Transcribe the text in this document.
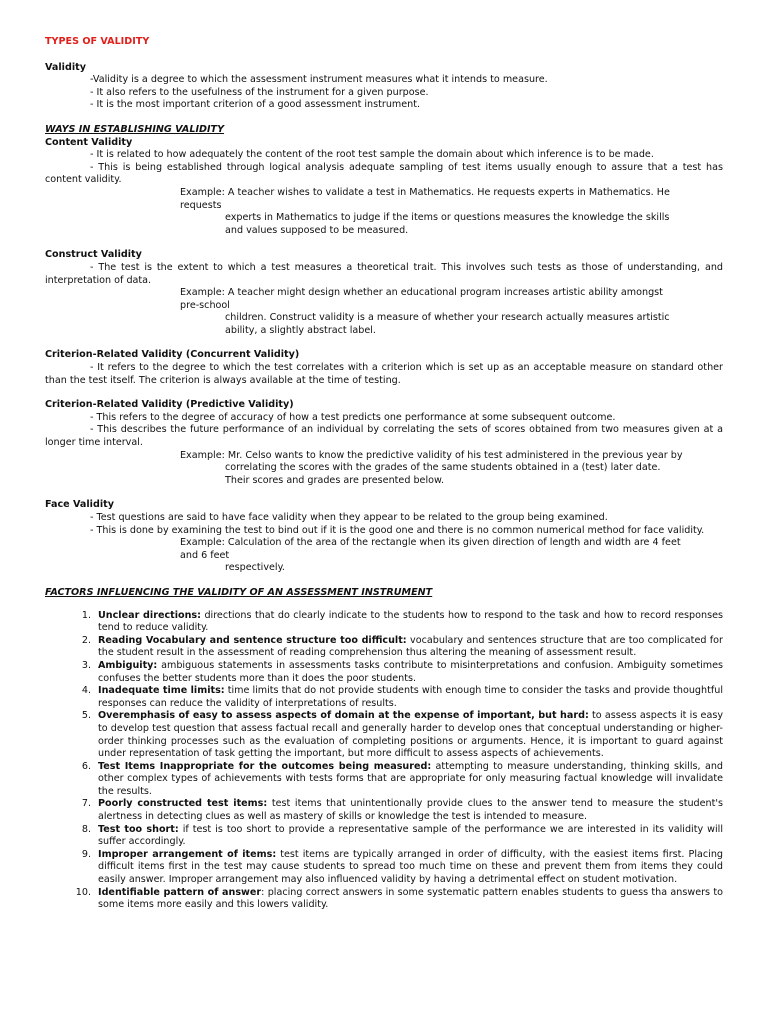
TYPES OF VALIDITY

Validity

-Validity is a degree to which the assessment instrument measures what it intends to measure.

- It also refers to the usefulness of the instrument for a given purpose.

- It is the most important criterion of a good assessment instrument.

WAYS IN ESTABLISHING VALIDITY

Content Validity

- It is related to how adequately the content of the root test sample the domain about which inference is to be made.

- This is being established through logical analysis adequate sampling of test items usually enough to assure that a test has content validity.

Example: A teacher wishes to validate a test in Mathematics. He requests experts in Mathematics. He requests
experts in Mathematics to judge if the items or questions measures the knowledge the skills and values supposed to be measured.

Construct Validity

- The test is the extent to which a test measures a theoretical trait. This involves such tests as those of understanding, and interpretation of data.

Example: A teacher might design whether an educational program increases artistic ability amongst pre-school
children. Construct validity is a measure of whether your research actually measures artistic ability, a slightly abstract label.

Criterion-Related Validity (Concurrent Validity)

- It refers to the degree to which the test correlates with a criterion which is set up as an acceptable measure on standard other than the test itself. The criterion is always available at the time of testing.

Criterion-Related Validity (Predictive Validity)

- This refers to the degree of accuracy of how a test predicts one performance at some subsequent outcome.

- This describes the future performance of an individual by correlating the sets of scores obtained from two measures given at a longer time interval.

Example: Mr. Celso wants to know the predictive validity of his test administered in the previous year by
correlating the scores with the grades of the same students obtained in a (test) later date. Their scores and grades are presented below.

Face Validity

- Test questions are said to have face validity when they appear to be related to the group being examined.

- This is done by examining the test to bind out if it is the good one and there is no common numerical method for face validity.

Example: Calculation of the area of the rectangle when its given direction of length and width are 4 feet and 6 feet
respectively.

FACTORS INFLUENCING THE VALIDITY OF AN ASSESSMENT INSTRUMENT

1. Unclear directions: directions that do clearly indicate to the students how to respond to the task and how to record responses tend to reduce validity.
2. Reading Vocabulary and sentence structure too difficult: vocabulary and sentences structure that are too complicated for the student result in the assessment of reading comprehension thus altering the meaning of assessment result.
3. Ambiguity: ambiguous statements in assessments tasks contribute to misinterpretations and confusion. Ambiguity sometimes confuses the better students more than it does the poor students.
4. Inadequate time limits: time limits that do not provide students with enough time to consider the tasks and provide thoughtful responses can reduce the validity of interpretations of results.
5. Overemphasis of easy to assess aspects of domain at the expense of important, but hard: to assess aspects it is easy to develop test question that assess factual recall and generally harder to develop ones that conceptual understanding or higher-order thinking processes such as the evaluation of completing positions or arguments. Hence, it is important to guard against under representation of task getting the important, but more difficult to assess aspects of achievements.
6. Test Items Inappropriate for the outcomes being measured: attempting to measure understanding, thinking skills, and other complex types of achievements with tests forms that are appropriate for only measuring factual knowledge will invalidate the results.
7. Poorly constructed test items: test items that unintentionally provide clues to the answer tend to measure the student's alertness in detecting clues as well as mastery of skills or knowledge the test is intended to measure.
8. Test too short: if test is too short to provide a representative sample of the performance we are interested in its validity will suffer accordingly.
9. Improper arrangement of items: test items are typically arranged in order of difficulty, with the easiest items first. Placing difficult items first in the test may cause students to spread too much time on these and prevent them from items they could easily answer. Improper arrangement may also influenced validity by having a detrimental effect on student motivation.
10. Identifiable pattern of answer: placing correct answers in some systematic pattern enables students to guess tha answers to some items more easily and this lowers validity.
